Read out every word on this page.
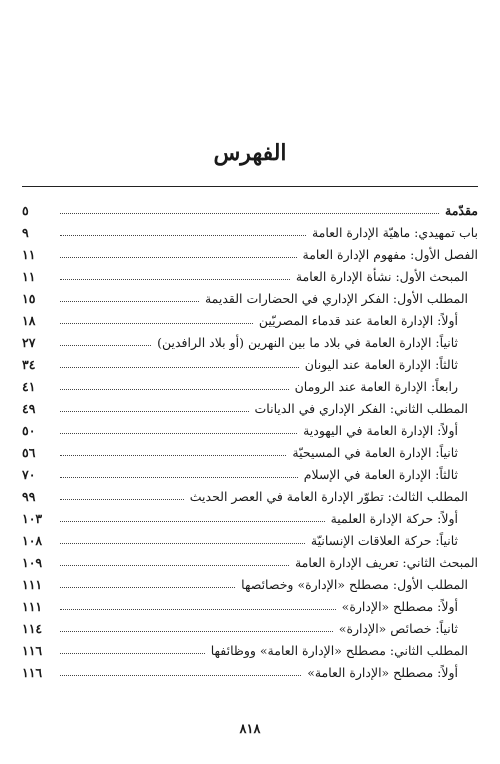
الفهرس
مقدّمة
٥
باب تمهيدي: ماهيّة الإدارة العامة
٩
الفصل الأول: مفهوم الإدارة العامة
١١
المبحث الأول: نشأة الإدارة العامة
١١
المطلب الأول: الفكر الإداري في الحضارات القديمة
١٥
أولاً: الإدارة العامة عند قدماء المصريّين
١٨
ثانياً: الإدارة العامة في بلاد ما بين النهرين (أو بلاد الرافدين)
٢٧
ثالثاً: الإدارة العامة عند اليونان
٣٤
رابعاً: الإدارة العامة عند الرومان
٤١
المطلب الثاني: الفكر الإداري في الديانات
٤٩
أولاً: الإدارة العامة في اليهودية
٥٠
ثانياً: الإدارة العامة في المسيحيّة
٥٦
ثالثاً: الإدارة العامة في الإسلام
٧٠
المطلب الثالث: تطوّر الإدارة العامة في العصر الحديث
٩٩
أولاً: حركة الإدارة العلمية
١٠٣
ثانياً: حركة العلاقات الإنسانيّة
١٠٨
المبحث الثاني: تعريف الإدارة العامة
١٠٩
المطلب الأول: مصطلح «الإدارة» وخصائصها
١١١
أولاً: مصطلح «الإدارة»
١١١
ثانياً: خصائص «الإدارة»
١١٤
المطلب الثاني: مصطلح «الإدارة العامة» ووظائفها
١١٦
أولاً: مصطلح «الإدارة العامة»
١١٦
٨١٨
